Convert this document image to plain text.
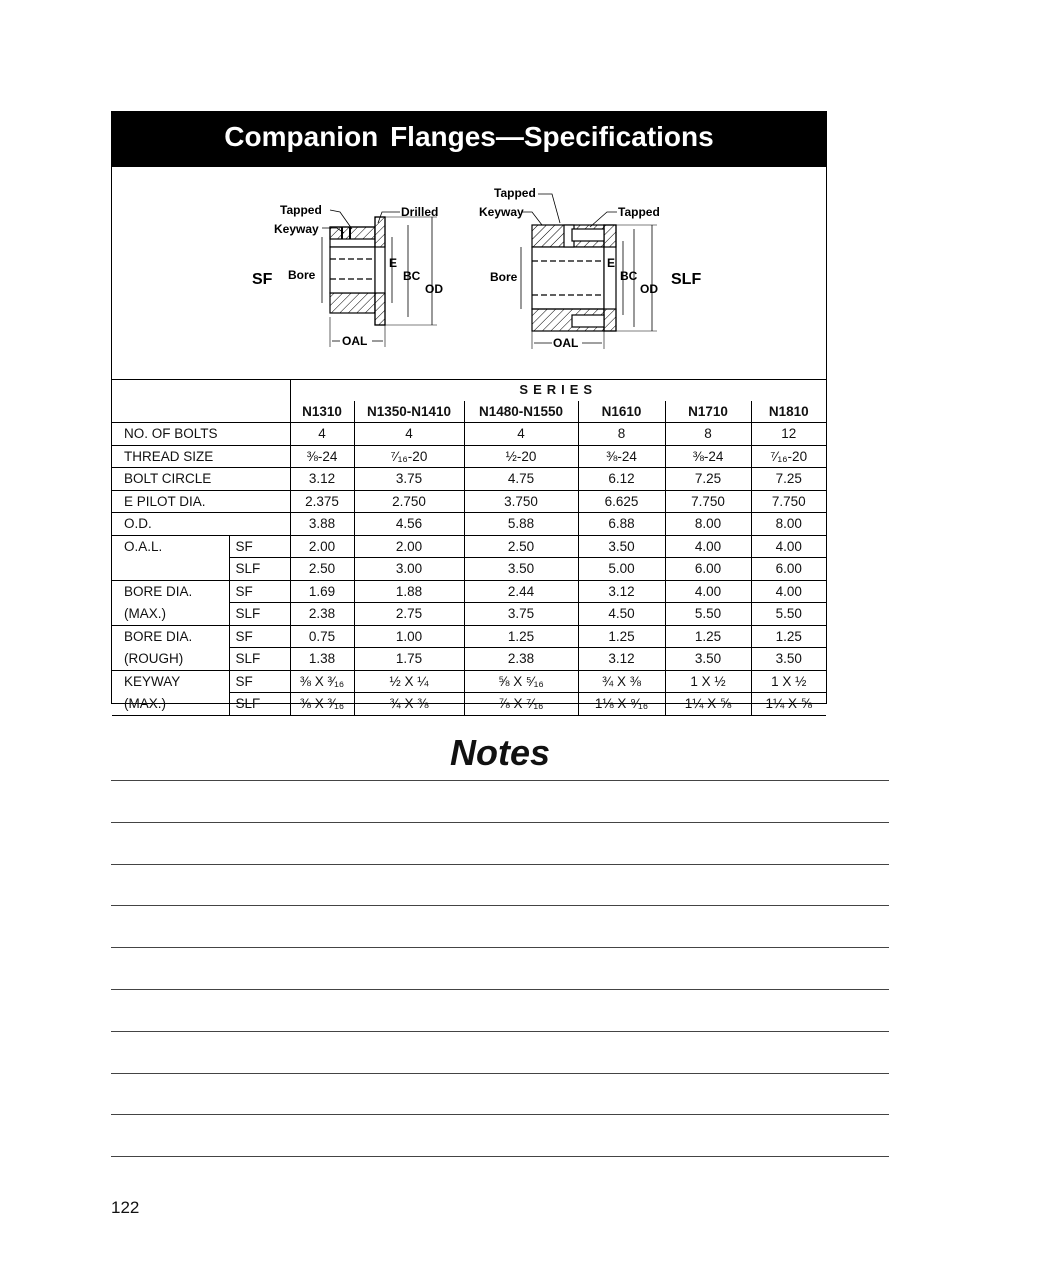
Companion Flanges—Specifications
SF
Tapped
Keyway
Drilled
Bore
E
BC
OD
OAL
Tapped
Keyway	Tapped
Bore
E
BC
OD
SLF
OAL
		SERIES					
		N1310	N1350-N1410	N1480-N1550	N1610	N1710	N1810
NO. OF BOLTS		4	4	4	8	8	12
THREAD SIZE		⅜-24	⁷⁄₁₆-20	½-20	⅜-24	⅜-24	⁷⁄₁₆-20
BOLT CIRCLE		3.12	3.75	4.75	6.12	7.25	7.25
E PILOT DIA.		2.375	2.750	3.750	6.625	7.750	7.750
O.D.		3.88	4.56	5.88	6.88	8.00	8.00
O.A.L.	SF	2.00	2.00	2.50	3.50	4.00	4.00
	SLF	2.50	3.00	3.50	5.00	6.00	6.00
BORE DIA.	SF	1.69	1.88	2.44	3.12	4.00	4.00
(MAX.)	SLF	2.38	2.75	3.75	4.50	5.50	5.50
BORE DIA.	SF	0.75	1.00	1.25	1.25	1.25	1.25
(ROUGH)	SLF	1.38	1.75	2.38	3.12	3.50	3.50
KEYWAY	SF	⅜ X ³⁄₁₆	½ X ¼	⅝ X ⁵⁄₁₆	¾ X ⅜	1 X ½	1 X ½
(MAX.)	SLF	⅜ X ³⁄₁₆	¾ X ⅜	⅞ X ⁷⁄₁₆	1⅛ X ⁹⁄₁₆	1¼ X ⅝	1¼ X ⅝
Notes
122
